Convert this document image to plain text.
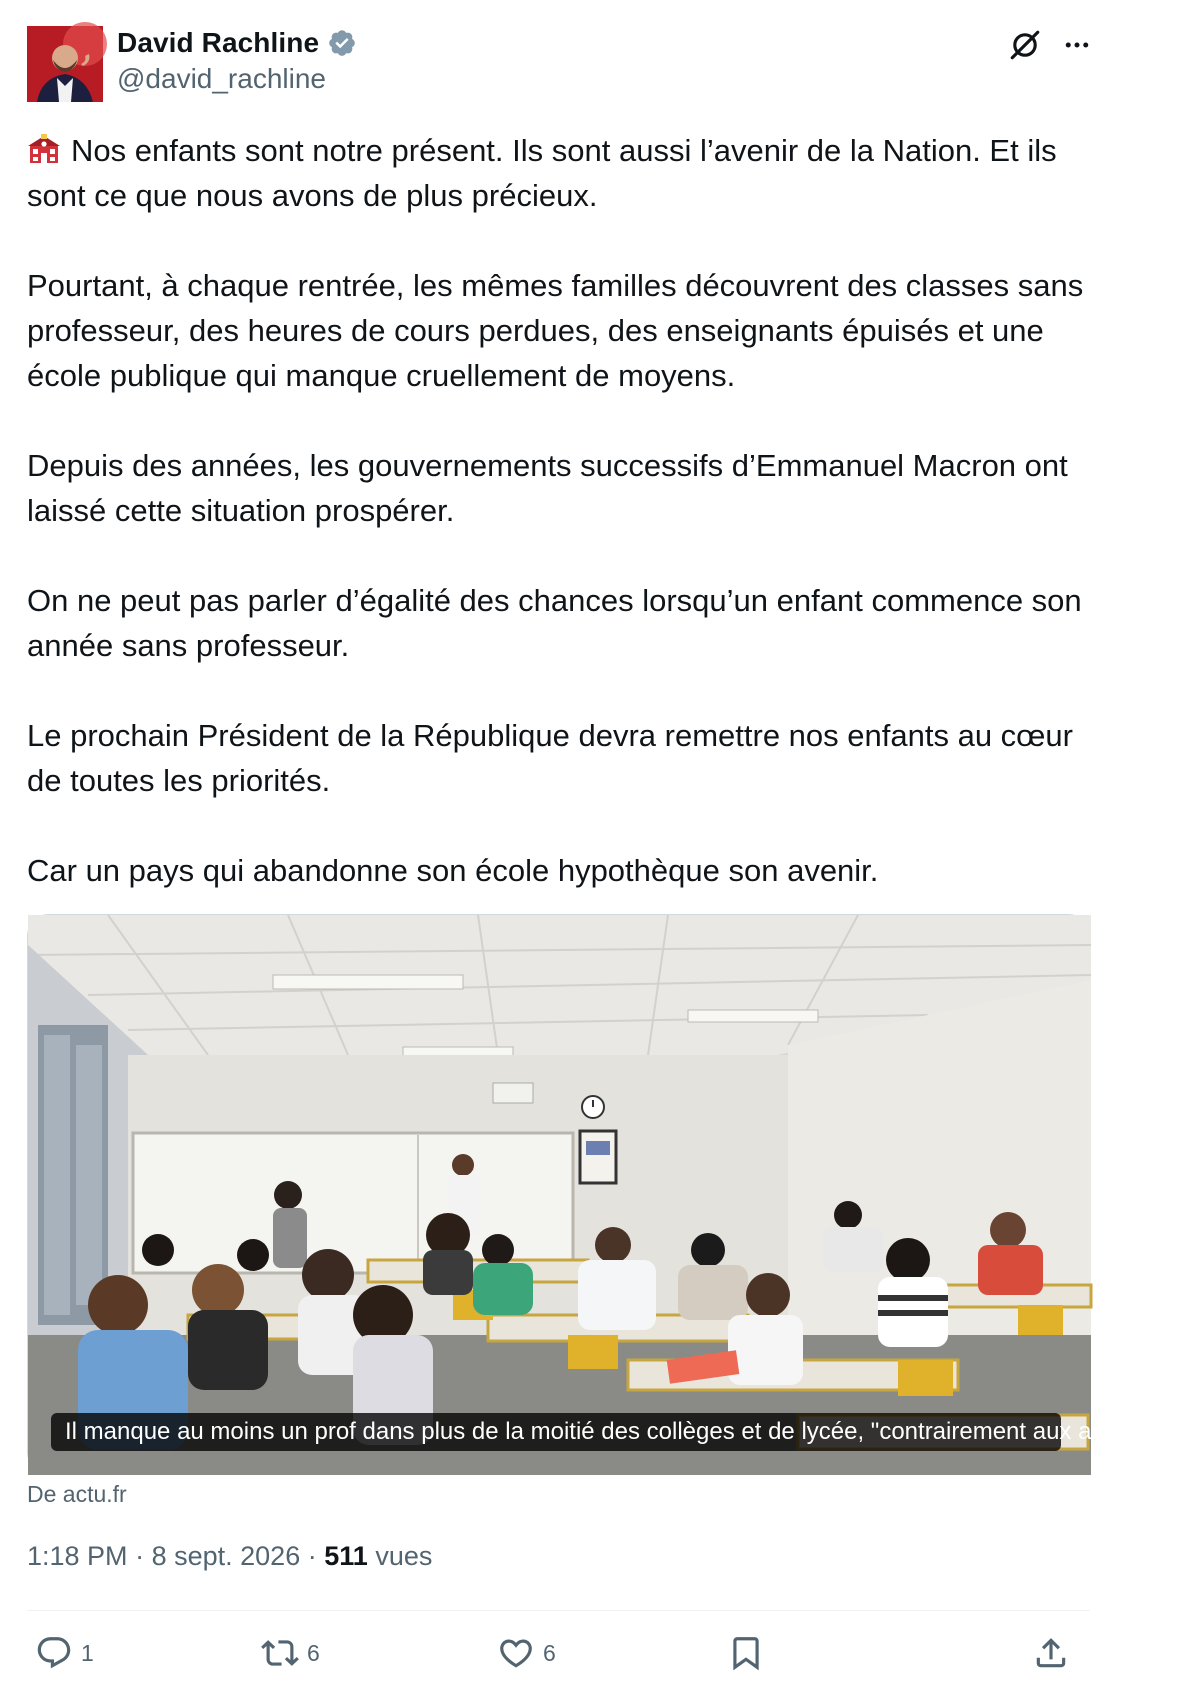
David Rachline
@david_rachline
Nos enfants sont notre présent. Ils sont aussi l’avenir de la Nation. Et ils sont ce que nous avons de plus précieux.
Pourtant, à chaque rentrée, les mêmes familles découvrent des classes sans professeur, des heures de cours perdues, des enseignants épuisés et une école publique qui manque cruellement de moyens.
Depuis des années, les gouvernements successifs d’Emmanuel Macron ont laissé cette situation prospérer.
On ne peut pas parler d’égalité des chances lorsqu’un enfant commence son année sans professeur.
Le prochain Président de la République devra remettre nos enfants au cœur de toutes les priorités.
Car un pays qui abandonne son école hypothèque son avenir.
Il manque au moins un prof dans plus de la moitié des collèges et de lycée, "contrairement aux annonces"
De actu.fr
1:18 PM · 8 sept. 2026 · 511 vues
1	6	6
